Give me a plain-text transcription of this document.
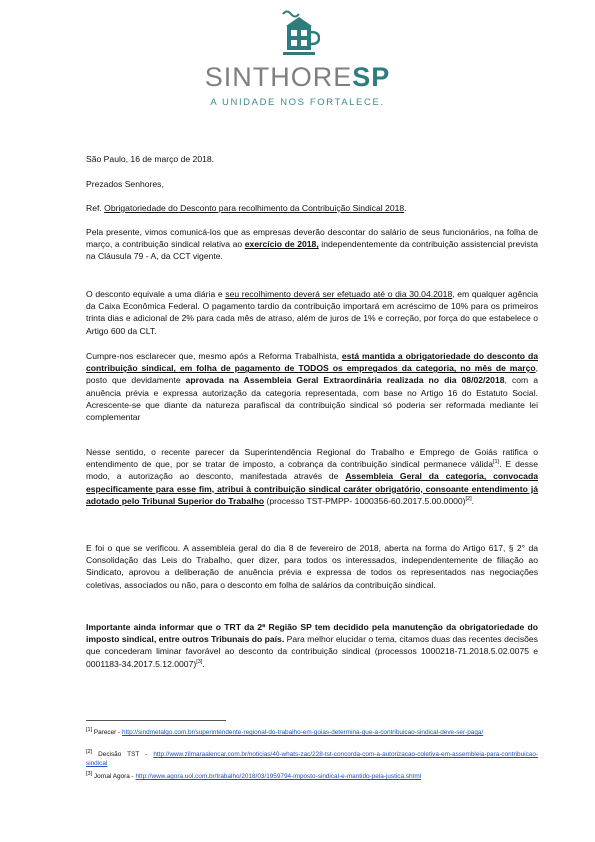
SINTHORESP
A UNIDADE NOS FORTALECE.

São Paulo, 16 de março de 2018.

Prezados Senhores,

Ref. Obrigatoriedade do Desconto para recolhimento da Contribuição Sindical 2018.

Pela presente, vimos comunicá-los que as empresas deverão descontar do salário de seus funcionários, na folha de março, a contribuição sindical relativa ao exercício de 2018, independentemente da contribuição assistencial prevista na Cláusula 79 - A, da CCT vigente.

O desconto equivale a uma diária e seu recolhimento deverá ser efetuado até o dia 30.04.2018, em qualquer agência da Caixa Econômica Federal. O pagamento tardio da contribuição importará em acréscimo de 10% para os primeiros trinta dias e adicional de 2% para cada mês de atraso, além de juros de 1% e correção, por força do que estabelece o Artigo 600 da CLT.

Cumpre-nos esclarecer que, mesmo após a Reforma Trabalhista, está mantida a obrigatoriedade do desconto da contribuição sindical, em folha de pagamento de TODOS os empregados da categoria, no mês de março, posto que devidamente aprovada na Assembleia Geral Extraordinária realizada no dia 08/02/2018, com a anuência prévia e expressa autorização da categoria representada, com base no Artigo 16 do Estatuto Social. Acrescente-se que diante da natureza parafiscal da contribuição sindical só poderia ser reformada mediante lei complementar

Nesse sentido, o recente parecer da Superintendência Regional do Trabalho e Emprego de Goiás ratifica o entendimento de que, por se tratar de imposto, a cobrança da contribuição sindical permanece válida[1]. E desse modo, a autorização ao desconto, manifestada através de Assembleia Geral da categoria, convocada especificamente para esse fim, atribui à contribuição sindical caráter obrigatório, consoante entendimento já adotado pelo Tribunal Superior do Trabalho (processo TST-PMPP- 1000356-60.2017.5.00.0000)[2].

E foi o que se verificou. A assembleia geral do dia 8 de fevereiro de 2018, aberta na forma do Artigo 617, § 2° da Consolidação das Leis do Trabalho, quer dizer, para todos os interessados, independentemente de filiação ao Sindicato, aprovou a deliberação de anuência prévia e expressa de todos os representados nas negociações coletivas, associados ou não, para o desconto em folha de salários da contribuição sindical.

Importante ainda informar que o TRT da 2ª Região SP tem decidido pela manutenção da obrigatoriedade do imposto sindical, entre outros Tribunais do país. Para melhor elucidar o tema, citamos duas das recentes decisões que concederam liminar favorável ao desconto da contribuição sindical (processos 1000218-71.2018.5.02.0075 e 0001183-34.2017.5.12.0007)[3].

[1] Parecer - http://sindmetalgo.com.br/superintendente-regional-do-trabalho-em-goias-determina-que-a-contribuicao-sindical-deve-ser-paga/
[2] Decisão TST - http://www.zilmaraalencar.com.br/noticias/40-whats-zac/228-tst-concorda-com-a-autorizacao-coletiva-em-assembleia-para-contribuicao-sindical
[3] Jornal Agora - http://www.agora.uol.com.br/trabalho/2018/03/1959794-imposto-sindical-e-mantido-pela-justica.shtml
